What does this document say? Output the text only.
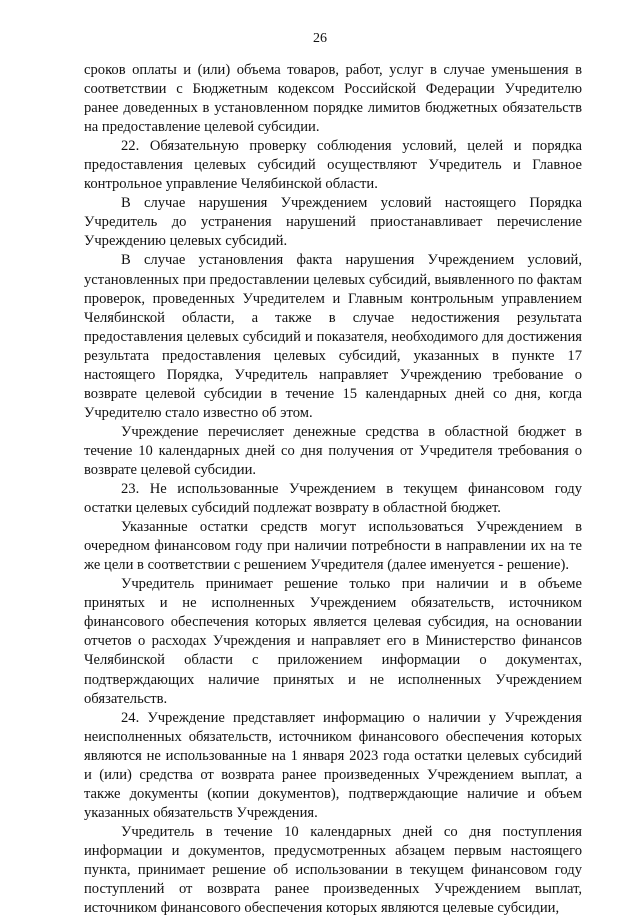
26

сроков оплаты и (или) объема товаров, работ, услуг в случае уменьшения в соответствии с Бюджетным кодексом Российской Федерации Учредителю ранее доведенных в установленном порядке лимитов бюджетных обязательств на предоставление целевой субсидии.

22. Обязательную проверку соблюдения условий, целей и порядка предоставления целевых субсидий осуществляют Учредитель и Главное контрольное управление Челябинской области.

В случае нарушения Учреждением условий настоящего Порядка Учредитель до устранения нарушений приостанавливает перечисление Учреждению целевых субсидий.

В случае установления факта нарушения Учреждением условий, установленных при предоставлении целевых субсидий, выявленного по фактам проверок, проведенных Учредителем и Главным контрольным управлением Челябинской области, а также в случае недостижения результата предоставления целевых субсидий и показателя, необходимого для достижения результата предоставления целевых субсидий, указанных в пункте 17 настоящего Порядка, Учредитель направляет Учреждению требование о возврате целевой субсидии в течение 15 календарных дней со дня, когда Учредителю стало известно об этом.

Учреждение перечисляет денежные средства в областной бюджет в течение 10 календарных дней со дня получения от Учредителя требования о возврате целевой субсидии.

23. Не использованные Учреждением в текущем финансовом году остатки целевых субсидий подлежат возврату в областной бюджет.

Указанные остатки средств могут использоваться Учреждением в очередном финансовом году при наличии потребности в направлении их на те же цели в соответствии с решением Учредителя (далее именуется - решение).

Учредитель принимает решение только при наличии и в объеме принятых и не исполненных Учреждением обязательств, источником финансового обеспечения которых является целевая субсидия, на основании отчетов о расходах Учреждения и направляет его в Министерство финансов Челябинской области с приложением информации о документах, подтверждающих наличие принятых и не исполненных Учреждением обязательств.

24. Учреждение представляет информацию о наличии у Учреждения неисполненных обязательств, источником финансового обеспечения которых являются не использованные на 1 января 2023 года остатки целевых субсидий и (или) средства от возврата ранее произведенных Учреждением выплат, а также документы (копии документов), подтверждающие наличие и объем указанных обязательств Учреждения.

Учредитель в течение 10 календарных дней со дня поступления информации и документов, предусмотренных абзацем первым настоящего пункта, принимает решение об использовании в текущем финансовом году поступлений от возврата ранее произведенных Учреждением выплат, источником финансового обеспечения которых являются целевые субсидии,
